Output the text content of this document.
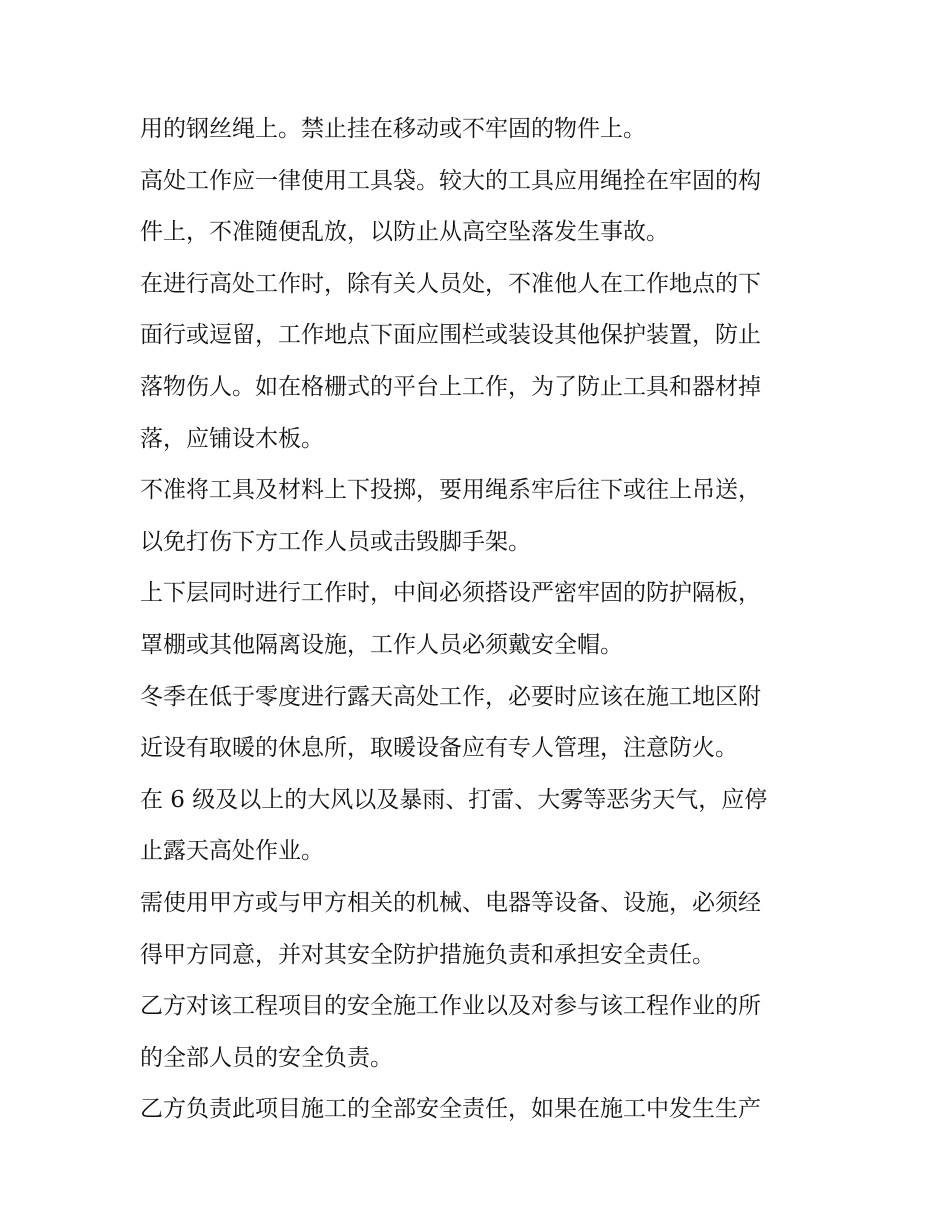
用的钢丝绳上。禁止挂在移动或不牢固的物件上。

高处工作应一律使用工具袋。较大的工具应用绳拴在牢固的构
件上，不准随便乱放，以防止从高空坠落发生事故。

在进行高处工作时，除有关人员处，不准他人在工作地点的下
面行或逗留，工作地点下面应围栏或装设其他保护装置，防止
落物伤人。如在格栅式的平台上工作，为了防止工具和器材掉
落，应铺设木板。

不准将工具及材料上下投掷，要用绳系牢后往下或往上吊送，
以免打伤下方工作人员或击毁脚手架。

上下层同时进行工作时，中间必须搭设严密牢固的防护隔板，
罩棚或其他隔离设施，工作人员必须戴安全帽。

冬季在低于零度进行露天高处工作，必要时应该在施工地区附
近设有取暖的休息所，取暖设备应有专人管理，注意防火。

在 6 级及以上的大风以及暴雨、打雷、大雾等恶劣天气，应停
止露天高处作业。

需使用甲方或与甲方相关的机械、电器等设备、设施，必须经
得甲方同意，并对其安全防护措施负责和承担安全责任。

乙方对该工程项目的安全施工作业以及对参与该工程作业的所
的全部人员的安全负责。

乙方负责此项目施工的全部安全责任，如果在施工中发生生产
